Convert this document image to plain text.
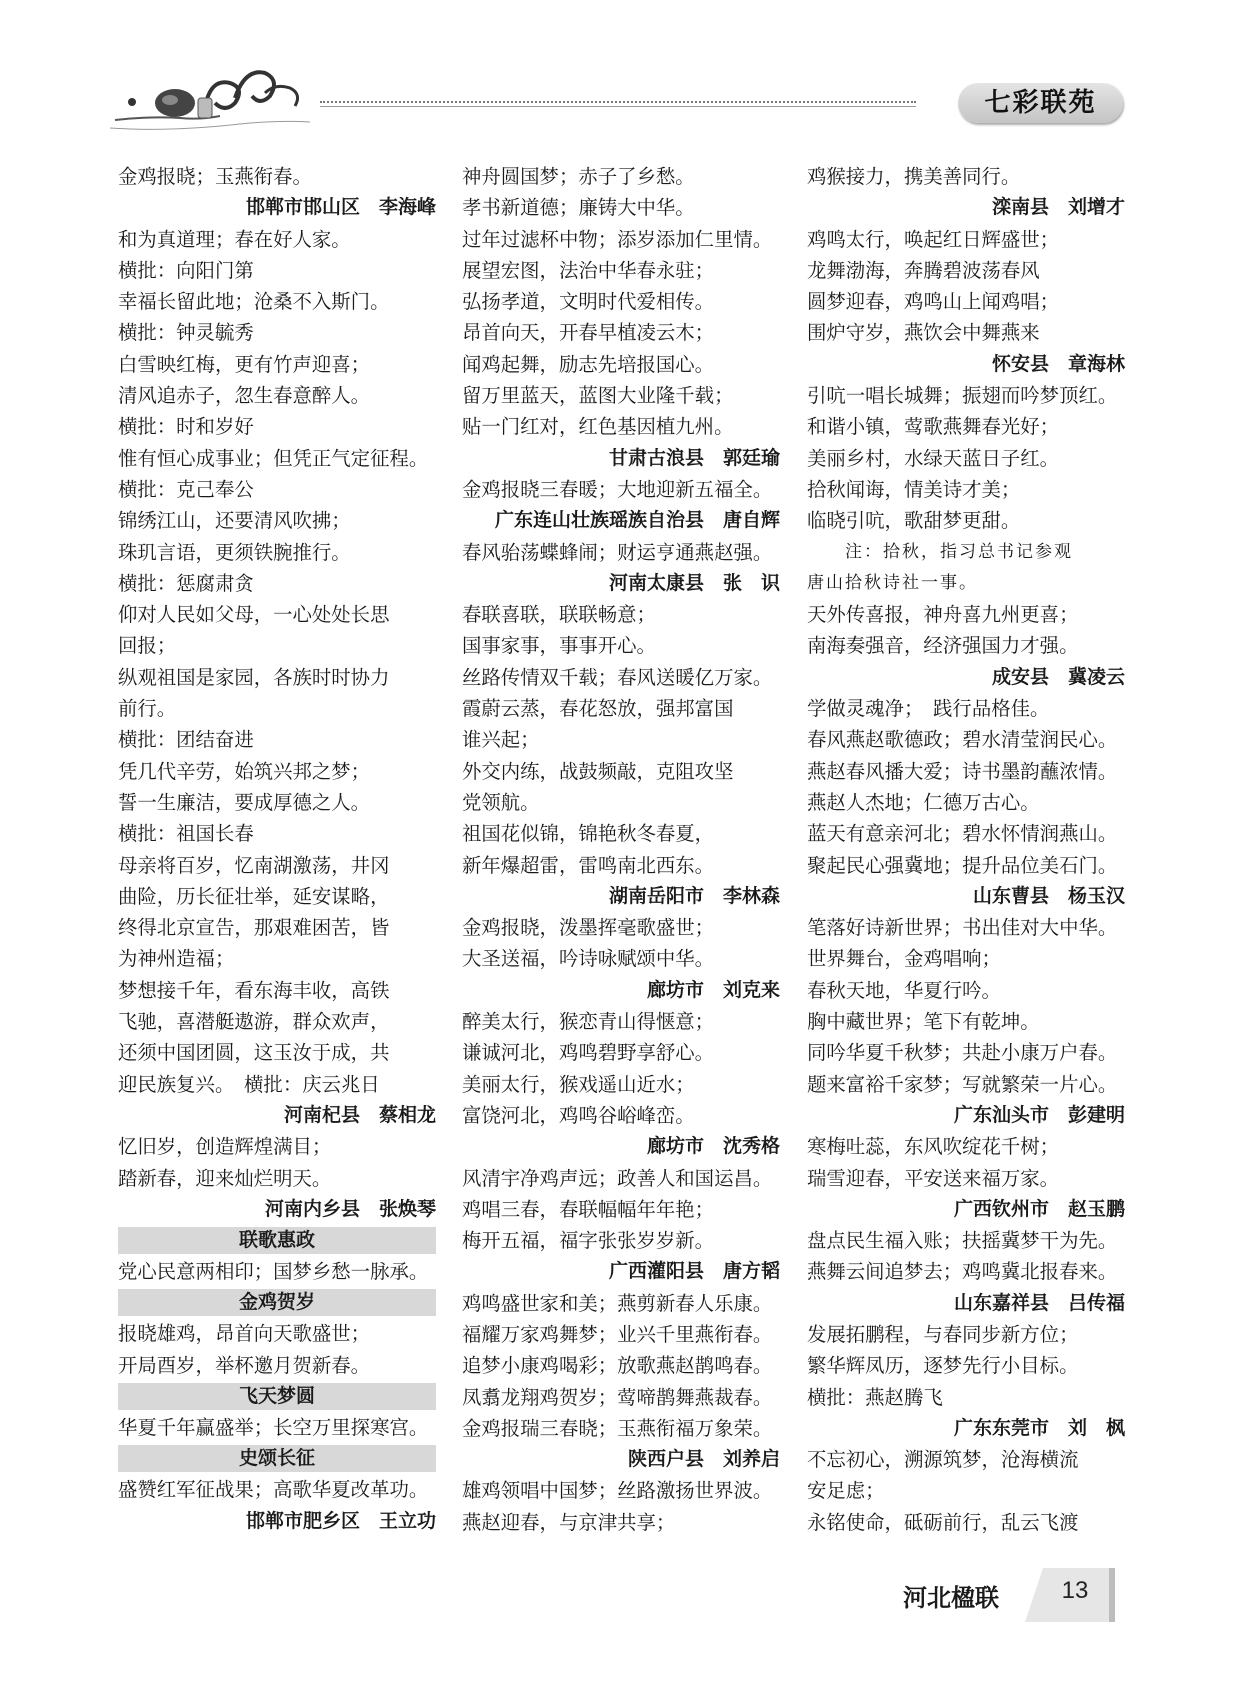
七彩联苑
金鸡报晓；玉燕衔春。
邯郸市邯山区　李海峰
和为真道理；春在好人家。
横批：向阳门第
幸福长留此地；沧桑不入斯门。
横批：钟灵毓秀
白雪映红梅，更有竹声迎喜；
清风追赤子，忽生春意醉人。
横批：时和岁好
惟有恒心成事业；但凭正气定征程。
横批：克己奉公
锦绣江山，还要清风吹拂；
珠玑言语，更须铁腕推行。
横批：惩腐肃贪
仰对人民如父母，一心处处长思
回报；
纵观祖国是家园，各族时时协力
前行。
横批：团结奋进
凭几代辛劳，始筑兴邦之梦；
誓一生廉洁，要成厚德之人。
横批：祖国长春
母亲将百岁，忆南湖激荡，井冈
曲险，历长征壮举，延安谋略，
终得北京宣告，那艰难困苦，皆
为神州造福；
梦想接千年，看东海丰收，高铁
飞驰，喜潜艇遨游，群众欢声，
还须中国团圆，这玉汝于成，共
迎民族复兴。　横批：庆云兆日
河南杞县　蔡相龙
忆旧岁，创造辉煌满目；
踏新春，迎来灿烂明天。
河南内乡县　张焕琴
联歌惠政
党心民意两相印；国梦乡愁一脉承。
金鸡贺岁
报晓雄鸡，昂首向天歌盛世；
开局酉岁，举杯邀月贺新春。
飞天梦圆
华夏千年赢盛举；长空万里探寒宫。
史颂长征
盛赞红军征战果；高歌华夏改革功。
邯郸市肥乡区　王立功
神舟圆国梦；赤子了乡愁。
孝书新道德；廉铸大中华。
过年过滤杯中物；添岁添加仁里情。
展望宏图，法治中华春永驻；
弘扬孝道，文明时代爱相传。
昂首向天，开春早植凌云木；
闻鸡起舞，励志先培报国心。
留万里蓝天，蓝图大业隆千载；
贴一门红对，红色基因植九州。
甘肃古浪县　郭廷瑜
金鸡报晓三春暖；大地迎新五福全。
广东连山壮族瑶族自治县　唐自辉
春风骀荡蝶蜂闹；财运亨通燕赵强。
河南太康县　张　识
春联喜联，联联畅意；
国事家事，事事开心。
丝路传情双千载；春风送暖亿万家。
霞蔚云蒸，春花怒放，强邦富国
谁兴起；
外交内练，战鼓频敲，克阻攻坚
党领航。
祖国花似锦，锦艳秋冬春夏，
新年爆超雷，雷鸣南北西东。
湖南岳阳市　李林森
金鸡报晓，泼墨挥毫歌盛世；
大圣送福，吟诗咏赋颂中华。
廊坊市　刘克来
醉美太行，猴恋青山得惬意；
谦诚河北，鸡鸣碧野享舒心。
美丽太行，猴戏遥山近水；
富饶河北，鸡鸣谷峪峰峦。
廊坊市　沈秀格
风清宇净鸡声远；政善人和国运昌。
鸡唱三春，春联幅幅年年艳；
梅开五福，福字张张岁岁新。
广西灌阳县　唐方韬
鸡鸣盛世家和美；燕剪新春人乐康。
福耀万家鸡舞梦；业兴千里燕衔春。
追梦小康鸡喝彩；放歌燕赵鹊鸣春。
凤翥龙翔鸡贺岁；莺啼鹊舞燕裁春。
金鸡报瑞三春晓；玉燕衔福万象荣。
陕西户县　刘养启
雄鸡领唱中国梦；丝路激扬世界波。
燕赵迎春，与京津共享；
鸡猴接力，携美善同行。
滦南县　刘增才
鸡鸣太行，唤起红日辉盛世；
龙舞渤海，奔腾碧波荡春风
圆梦迎春，鸡鸣山上闻鸡唱；
围炉守岁，燕饮会中舞燕来
怀安县　章海林
引吭一唱长城舞；振翅而吟梦顶红。
和谐小镇，莺歌燕舞春光好；
美丽乡村，水绿天蓝日子红。
拾秋闻诲，情美诗才美；
临晓引吭，歌甜梦更甜。
　　注：拾秋，指习总书记参观
唐山拾秋诗社一事。
天外传喜报，神舟喜九州更喜；
南海奏强音，经济强国力才强。
成安县　冀凌云
学做灵魂净；　践行品格佳。
春风燕赵歌德政；碧水清莹润民心。
燕赵春风播大爱；诗书墨韵蘸浓情。
燕赵人杰地；仁德万古心。
蓝天有意亲河北；碧水怀情润燕山。
聚起民心强冀地；提升品位美石门。
山东曹县　杨玉汉
笔落好诗新世界；书出佳对大中华。
世界舞台，金鸡唱响；
春秋天地，华夏行吟。
胸中藏世界；笔下有乾坤。
同吟华夏千秋梦；共赴小康万户春。
题来富裕千家梦；写就繁荣一片心。
广东汕头市　彭建明
寒梅吐蕊，东风吹绽花千树；
瑞雪迎春，平安送来福万家。
广西钦州市　赵玉鹏
盘点民生福入账；扶摇冀梦干为先。
燕舞云间追梦去；鸡鸣冀北报春来。
山东嘉祥县　吕传福
发展拓鹏程，与春同步新方位；
繁华辉凤历，逐梦先行小目标。
横批：燕赵腾飞
广东东莞市　刘　枫
不忘初心，溯源筑梦，沧海横流
安足虑；
永铭使命，砥砺前行，乱云飞渡
河北楹联	13
